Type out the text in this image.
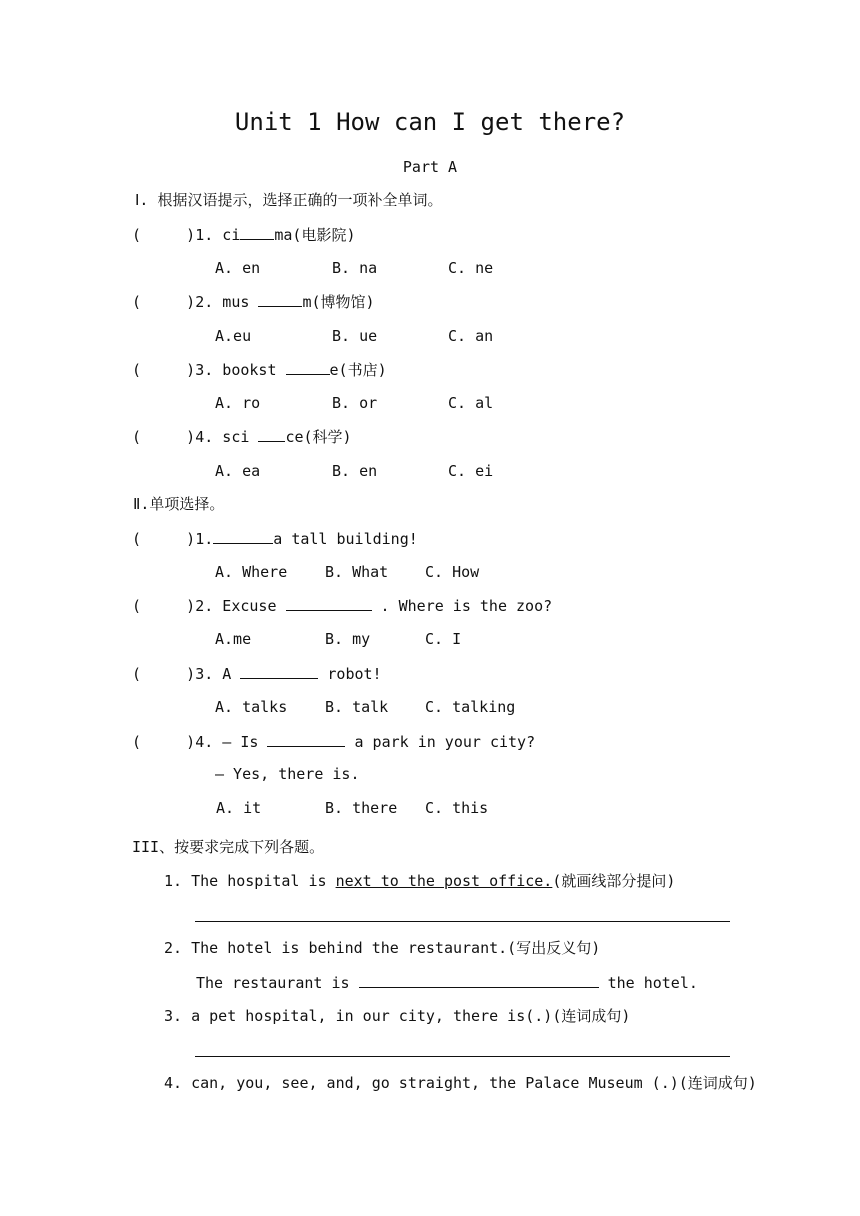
Unit 1 How can I get there?
Part A
Ⅰ. 根据汉语提示，选择正确的一项补全单词。
(     )1. ci ma(电影院)
A. en	B. na	C. ne
(     )2. mus	m(博物馆)
A.eu	B. ue	C. an
(     )3. bookst	e(书店)
A. ro	B. or	C. al
(     )4. sci ce(科学)
A. ea	B. en	C. ei
Ⅱ.单项选择。
(     )1.	a tall building!
A. Where	B. What C. How
(     )2. Excuse	. Where is the zoo?
A.me	B. my	C. I
(     )3. A	robot!
A. talks	B. talk C. talking
(     )4. — Is	a park in your city?
— Yes, there is.
A. it	B. there C. this
III、按要求完成下列各题。
1. The hospital is next to the post office.(就画线部分提问)
2. The hotel is behind the restaurant.(写出反义句)
The restaurant is	the hotel.
3. a pet hospital, in our city, there is(.)(连词成句)
4. can, you, see, and, go straight, the Palace Museum (.)(连词成句)
